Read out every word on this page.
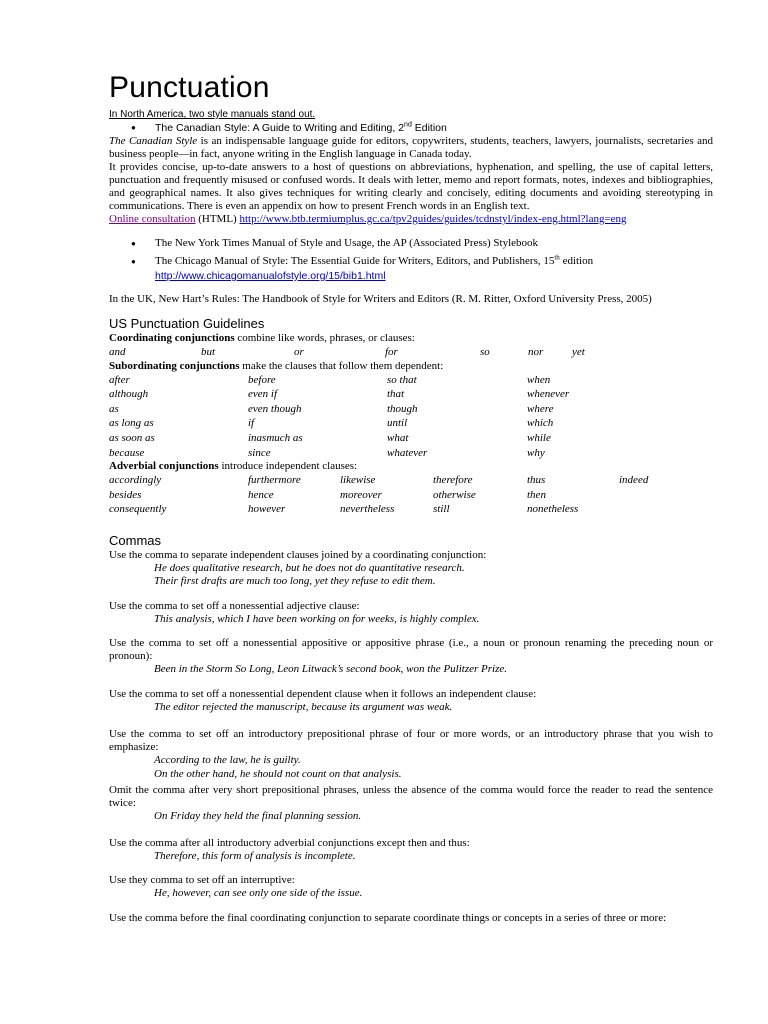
Punctuation
In North America, two style manuals stand out.
● The Canadian Style: A Guide to Writing and Editing, 2nd Edition
The Canadian Style is an indispensable language guide for editors, copywriters, students, teachers, lawyers, journalists, secretaries and business people—in fact, anyone writing in the English language in Canada today.
It provides concise, up-to-date answers to a host of questions on abbreviations, hyphenation, and spelling, the use of capital letters, punctuation and frequently misused or confused words. It deals with letter, memo and report formats, notes, indexes and bibliographies, and geographical names. It also gives techniques for writing clearly and concisely, editing documents and avoiding stereotyping in communications. There is even an appendix on how to present French words in an English text.
Online consultation (HTML) http://www.btb.termiumplus.gc.ca/tpv2guides/guides/tcdnstyl/index-eng.html?lang=eng
● The New York Times Manual of Style and Usage, the AP (Associated Press) Stylebook
● The Chicago Manual of Style: The Essential Guide for Writers, Editors, and Publishers, 15th edition
http://www.chicagomanualofstyle.org/15/bib1.html
In the UK, New Hart’s Rules: The Handbook of Style for Writers and Editors (R. M. Ritter, Oxford University Press, 2005)
US Punctuation Guidelines
Coordinating conjunctions combine like words, phrases, or clauses:
and	but	or	for	so	nor	yet
Subordinating conjunctions make the clauses that follow them dependent:
after	before	so that	when
although	even if	that	whenever
as	even though	though	where
as long as	if	until	which
as soon as	inasmuch as	what	while
because	since	whatever	why
Adverbial conjunctions introduce independent clauses:
accordingly	furthermore	likewise	therefore	thus	indeed
besides	hence	moreover	otherwise	then
consequently	however	nevertheless	still	nonetheless
Commas
Use the comma to separate independent clauses joined by a coordinating conjunction:
He does qualitative research, but he does not do quantitative research.
Their first drafts are much too long, yet they refuse to edit them.
Use the comma to set off a nonessential adjective clause:
This analysis, which I have been working on for weeks, is highly complex.
Use the comma to set off a nonessential appositive or appositive phrase (i.e., a noun or pronoun renaming the preceding noun or pronoun):
Been in the Storm So Long, Leon Litwack’s second book, won the Pulitzer Prize.
Use the comma to set off a nonessential dependent clause when it follows an independent clause:
The editor rejected the manuscript, because its argument was weak.
Use the comma to set off an introductory prepositional phrase of four or more words, or an introductory phrase that you wish to emphasize:
According to the law, he is guilty.
On the other hand, he should not count on that analysis.
Omit the comma after very short prepositional phrases, unless the absence of the comma would force the reader to read the sentence twice:
On Friday they held the final planning session.
Use the comma after all introductory adverbial conjunctions except then and thus:
Therefore, this form of analysis is incomplete.
Use they comma to set off an interruptive:
He, however, can see only one side of the issue.
Use the comma before the final coordinating conjunction to separate coordinate things or concepts in a series of three or more:
